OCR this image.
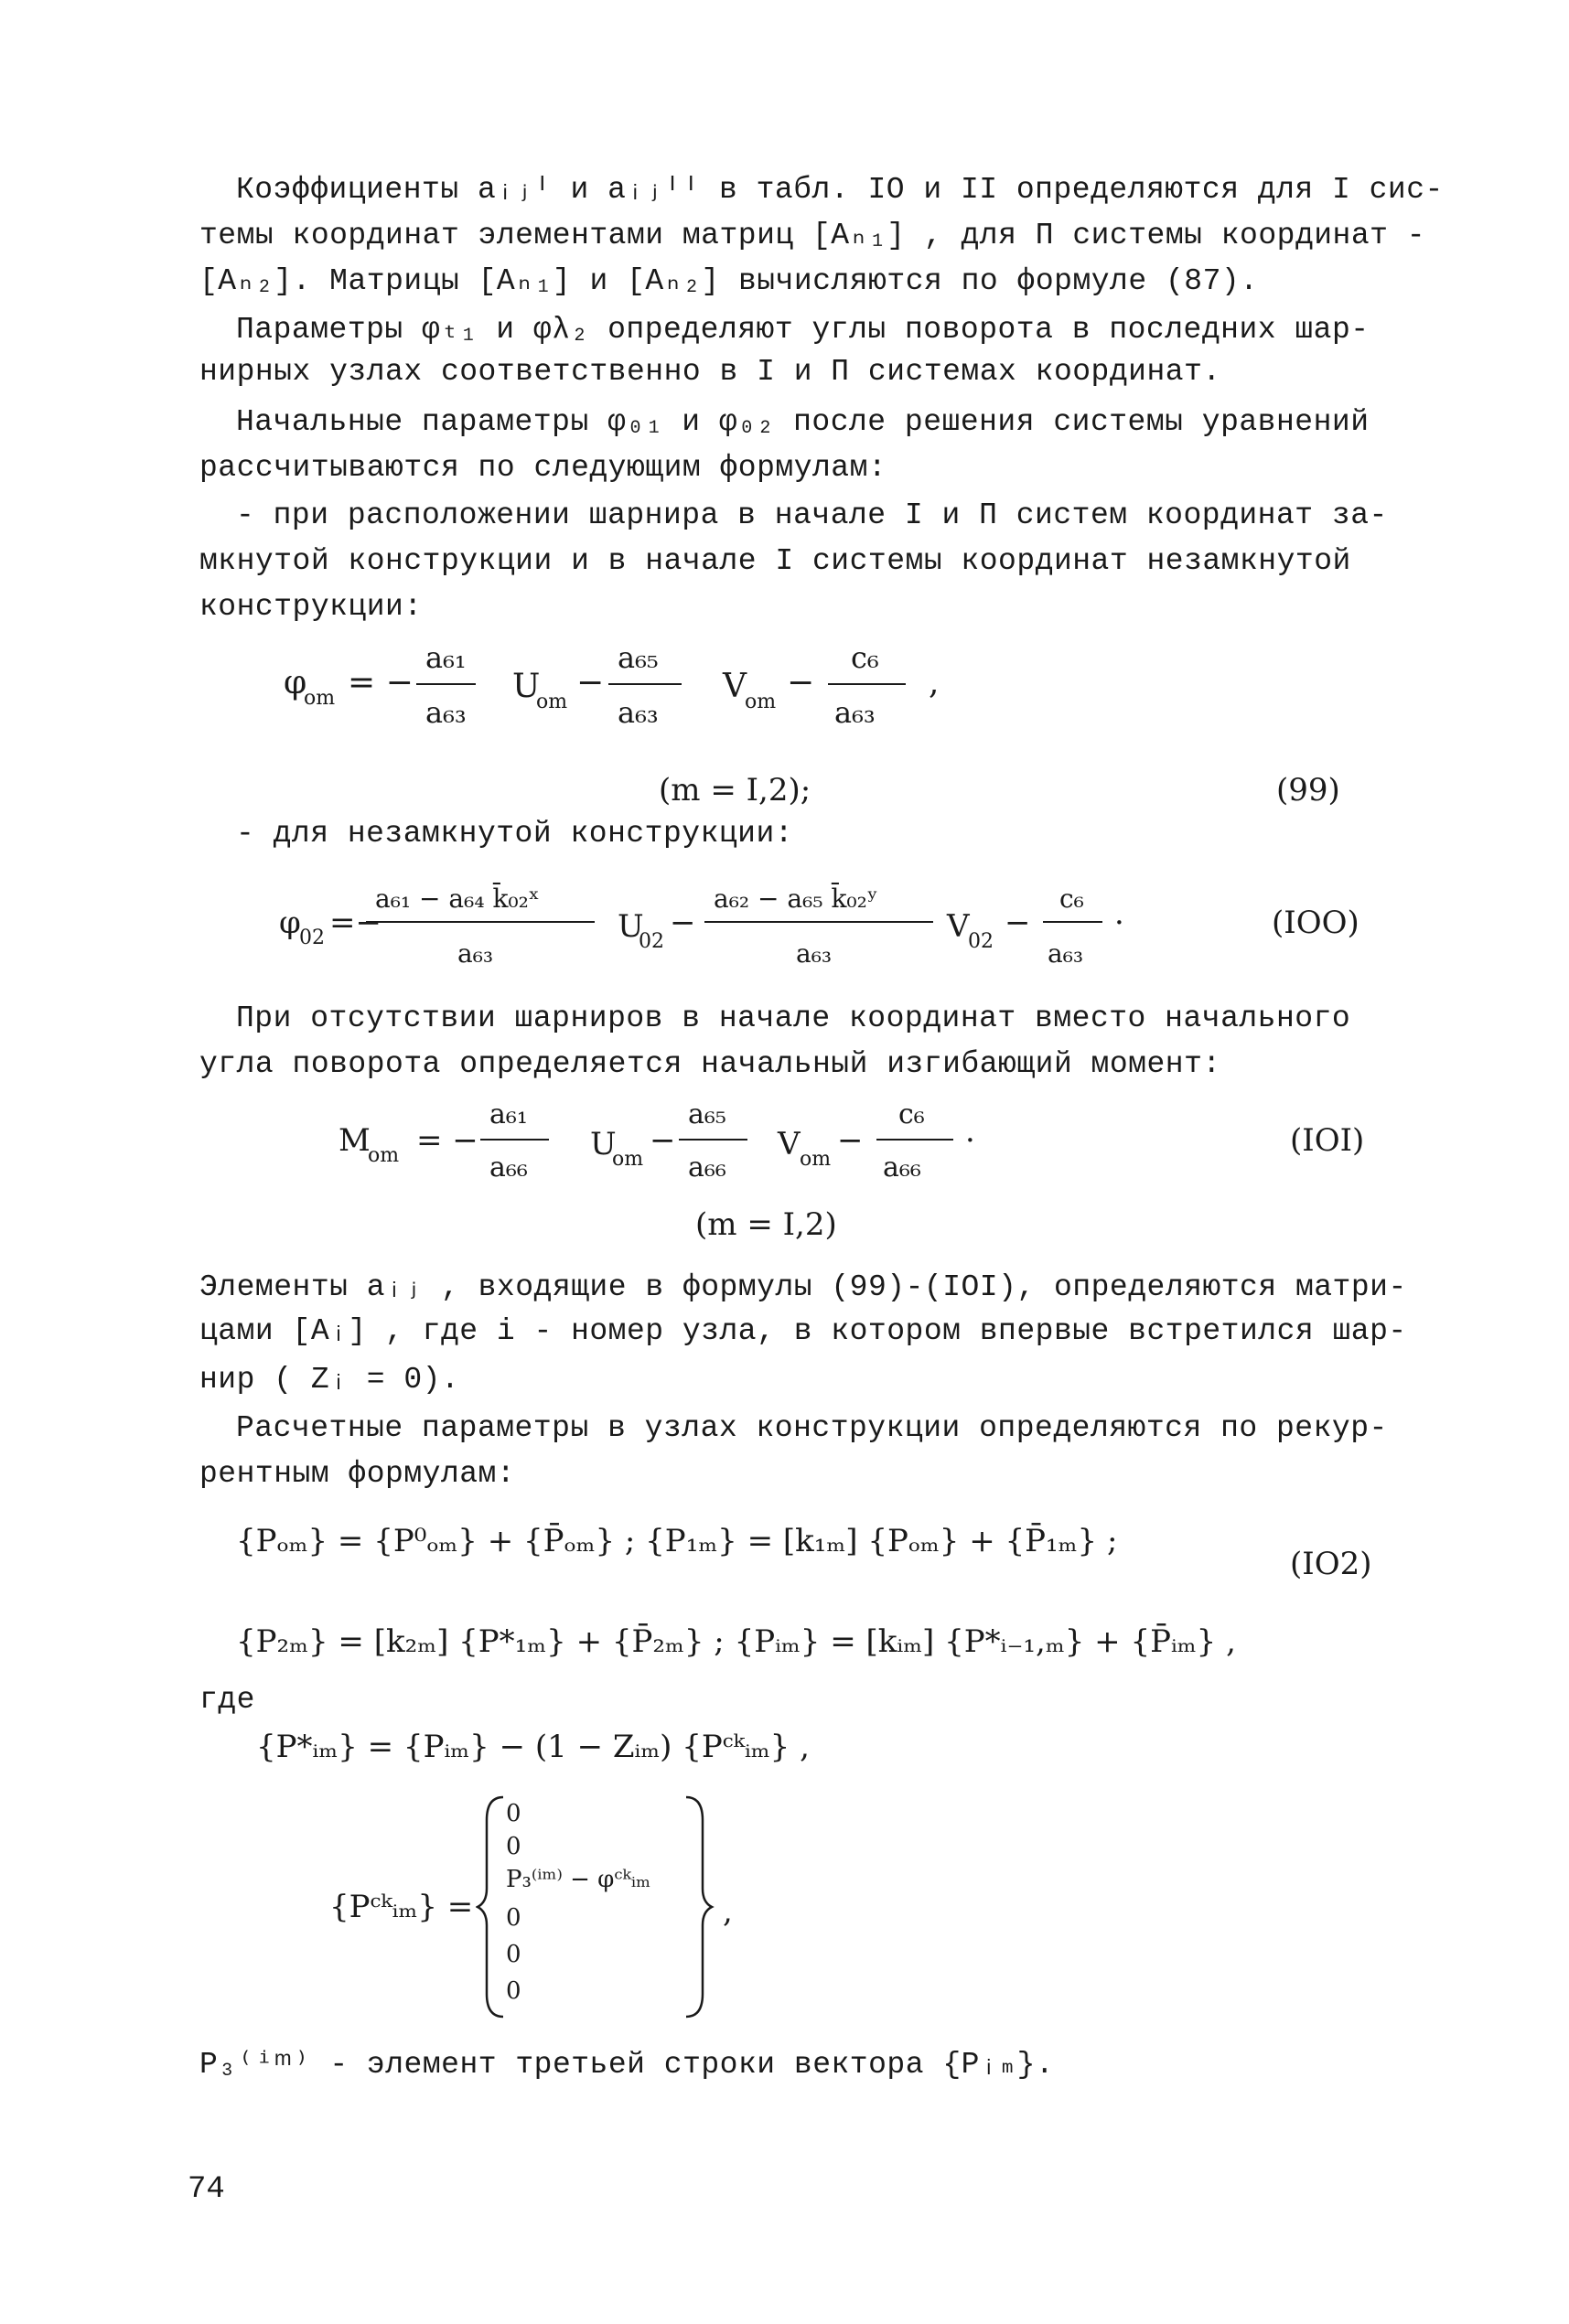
Коэффициенты aᵢⱼᴵ и aᵢⱼᴵᴵ в табл. IO и II определяются для I сис-
темы координат элементами матриц [Aₙ₁] , для П системы координат -
[Aₙ₂]. Матрицы [Aₙ₁] и [Aₙ₂] вычисляются по формуле (87).
Параметры φₜ₁ и φλ₂ определяют углы поворота в последних шар-
нирных узлах соответственно в I и П системах координат.
Начальные параметры φ₀₁ и φ₀₂ после решения системы уравнений
рассчитываются по следующим формулам:
- при расположении шарнира в начале I и П систем координат за-
мкнутой конструкции и в начале I системы координат незамкнутой
конструкции:
φ
om = −
a₆₁
a₆₃
U
om
−
a₆₅
a₆₃
V
om
−
c₆
a₆₃
,
(m = I,2);	(99)
- для незамкнутой конструкции:
φ
02 =−
a₆₁ − a₆₄ k̄₀₂ˣ
a₆₃
U
02
−
a₆₂ − a₆₅ k̄₀₂ʸ
a₆₃
V
02
−
c₆
a₆₃
·	(IOO)
При отсутствии шарниров в начале координат вместо начального
угла поворота определяется начальный изгибающий момент:
M
om = −
a₆₁
a₆₆
U
om
−
a₆₅
a₆₆
V om
−
c₆
a₆₆
·	(IOI)
(m = I,2)
Элементы aᵢⱼ , входящие в формулы (99)-(IOI), определяются матри-
цами [Aᵢ] , где i - номер узла, в котором впервые встретился шар-
нир ( Zᵢ = 0).
Расчетные параметры в узлах конструкции определяются по рекур-
рентным формулам:
{Pₒₘ} = {P⁰ₒₘ} + {P̄ₒₘ} ; {P₁ₘ} = [k₁ₘ] {Pₒₘ} + {P̄₁ₘ} ;
(IO2)
{P₂ₘ} = [k₂ₘ] {P*₁ₘ} + {P̄₂ₘ} ; {Pᵢₘ} = [kᵢₘ] {P*ᵢ₋₁,ₘ} + {P̄ᵢₘ} ,
где
{P*ᵢₘ} = {Pᵢₘ} − (1 − Zᵢₘ) {Pᶜᵏᵢₘ} ,
{Pᶜᵏᵢₘ} =
0
0
P₃⁽ⁱᵐ⁾ − φᶜᵏᵢₘ
0
0
0
,
P₃⁽ⁱᵐ⁾ - элемент третьей строки вектора {Pᵢₘ}.
74
